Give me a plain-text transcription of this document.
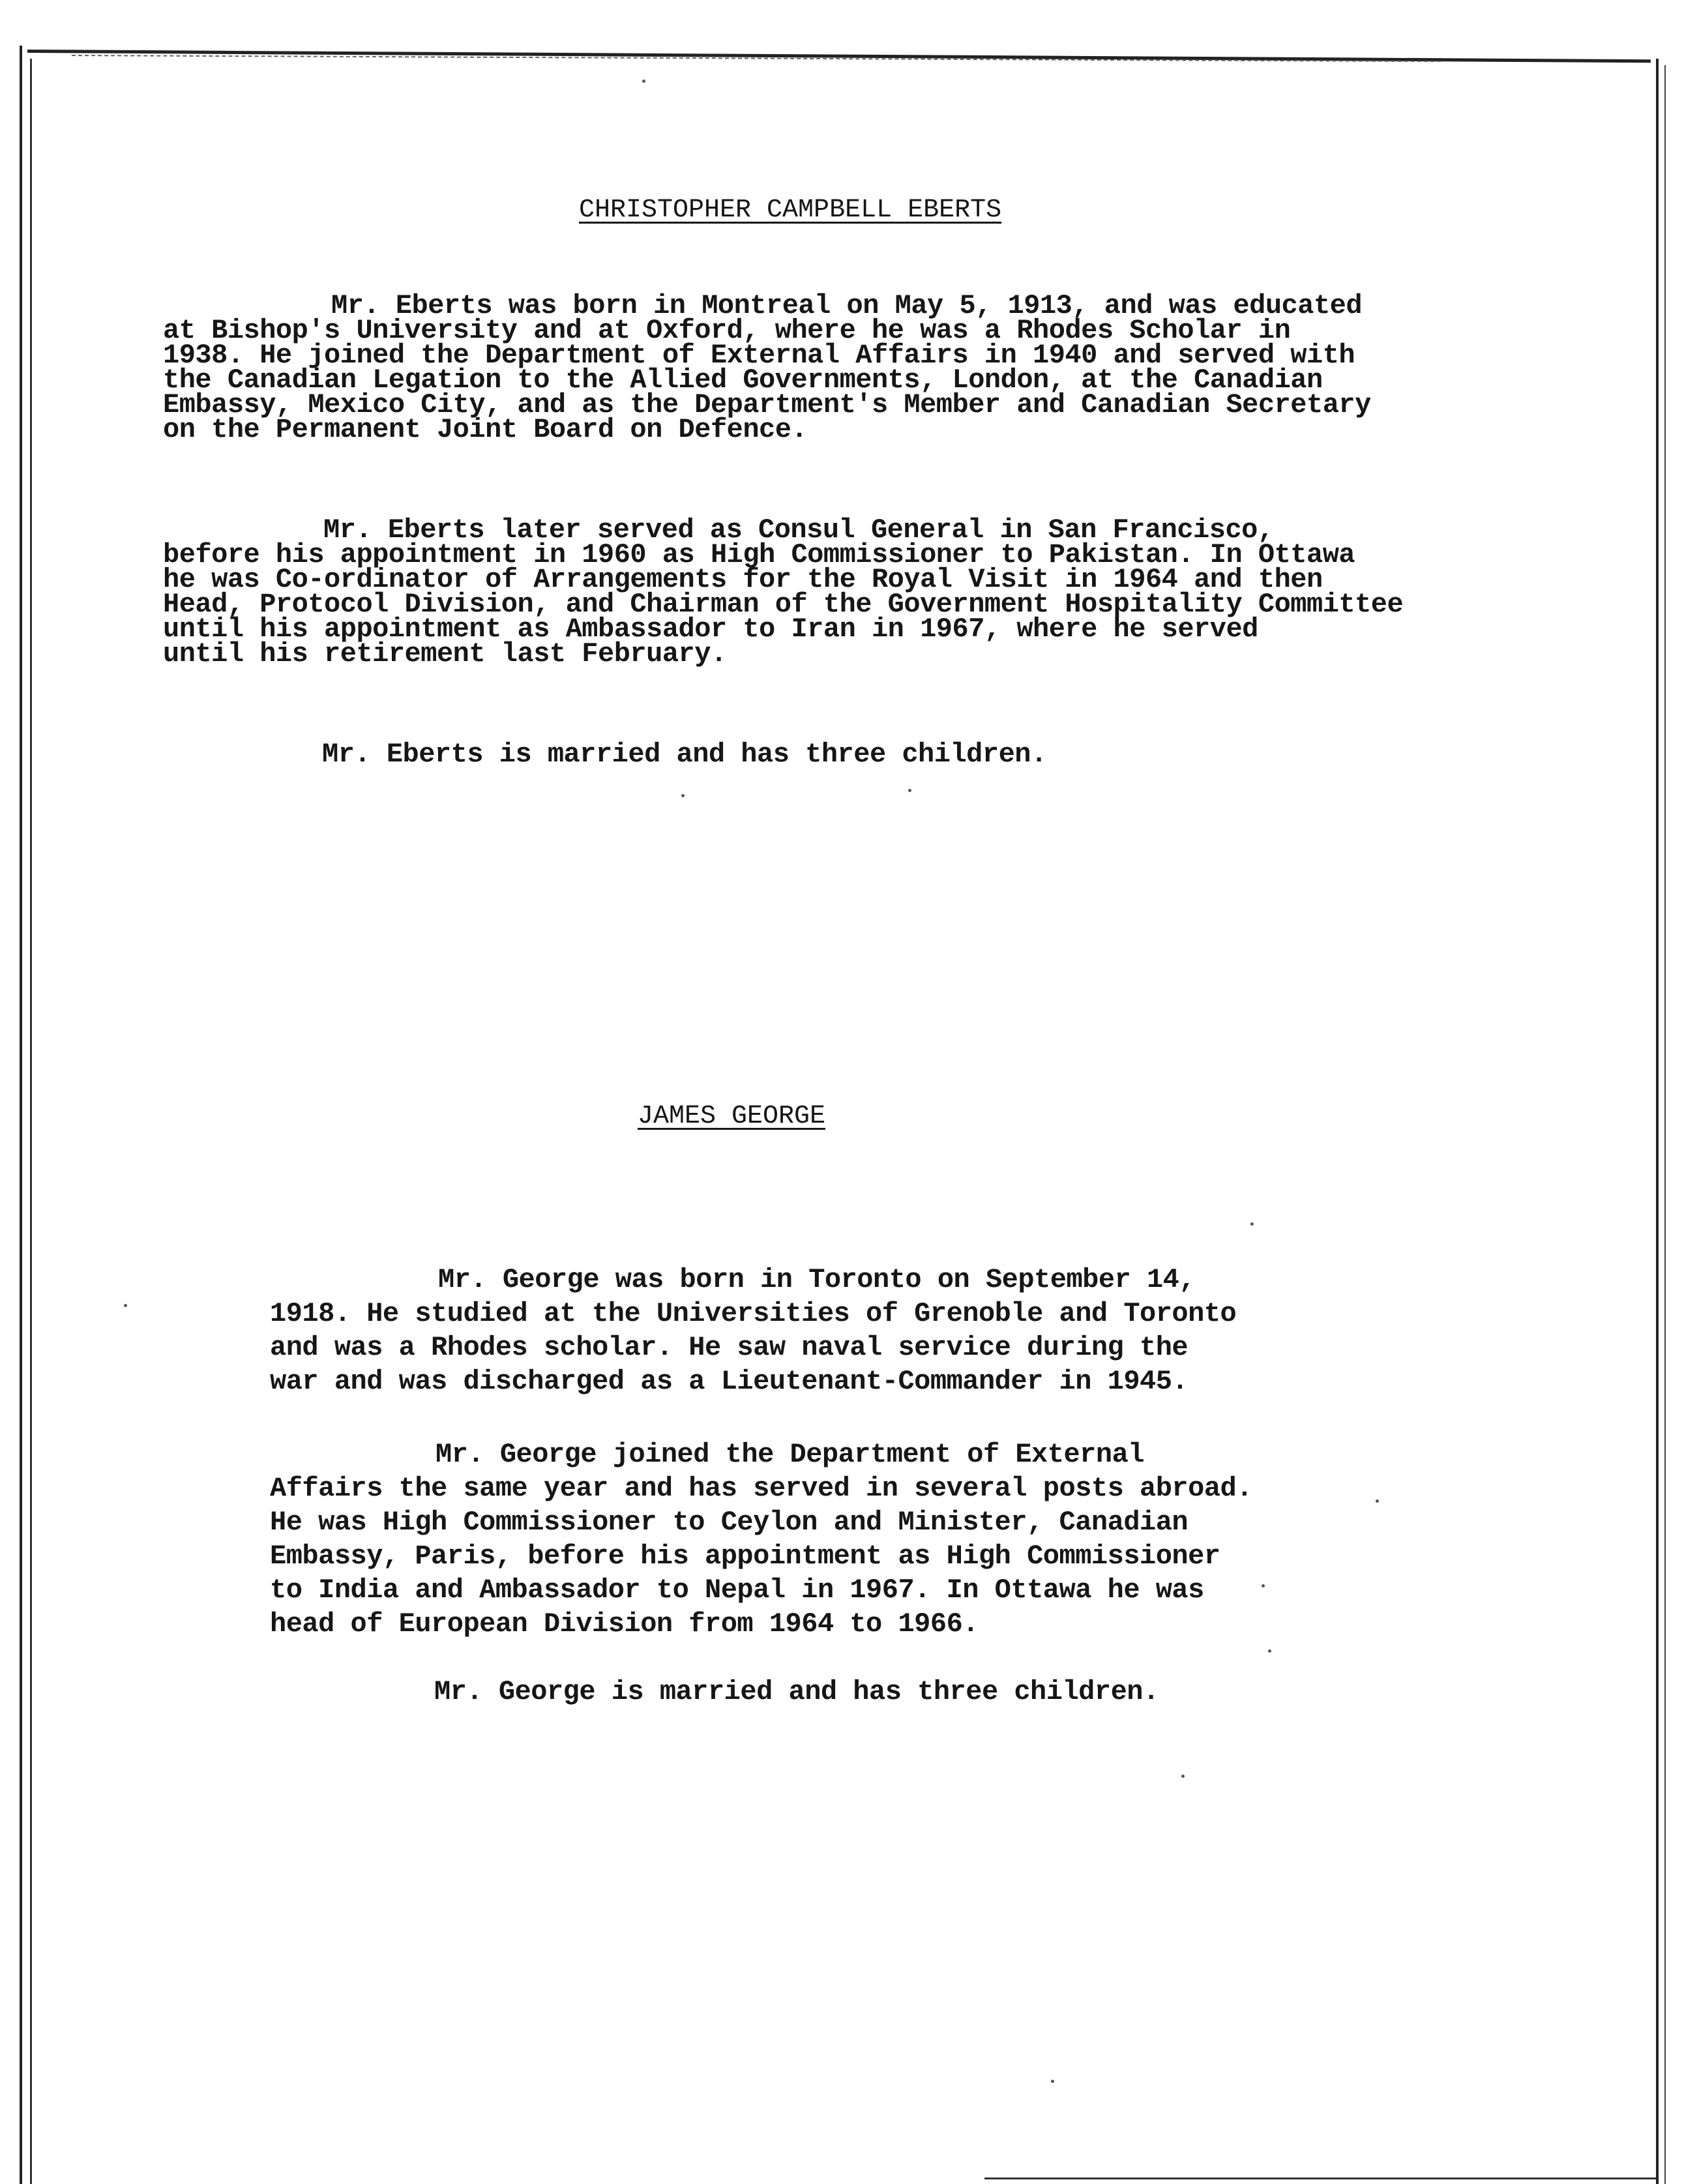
CHRISTOPHER CAMPBELL EBERTS
Mr. Eberts was born in Montreal on May 5, 1913, and was educated
at Bishop's University and at Oxford, where he was a Rhodes Scholar in
1938. He joined the Department of External Affairs in 1940 and served with
the Canadian Legation to the Allied Governments, London, at the Canadian
Embassy, Mexico City, and as the Department's Member and Canadian Secretary
on the Permanent Joint Board on Defence.
Mr. Eberts later served as Consul General in San Francisco,
before his appointment in 1960 as High Commissioner to Pakistan. In Ottawa
he was Co-ordinator of Arrangements for the Royal Visit in 1964 and then
Head, Protocol Division, and Chairman of the Government Hospitality Committee
until his appointment as Ambassador to Iran in 1967, where he served
until his retirement last February.
Mr. Eberts is married and has three children.
JAMES GEORGE
Mr. George was born in Toronto on September 14,
1918. He studied at the Universities of Grenoble and Toronto
and was a Rhodes scholar. He saw naval service during the
war and was discharged as a Lieutenant-Commander in 1945.
Mr. George joined the Department of External
Affairs the same year and has served in several posts abroad.
He was High Commissioner to Ceylon and Minister, Canadian
Embassy, Paris, before his appointment as High Commissioner
to India and Ambassador to Nepal in 1967. In Ottawa he was
head of European Division from 1964 to 1966.
Mr. George is married and has three children.
